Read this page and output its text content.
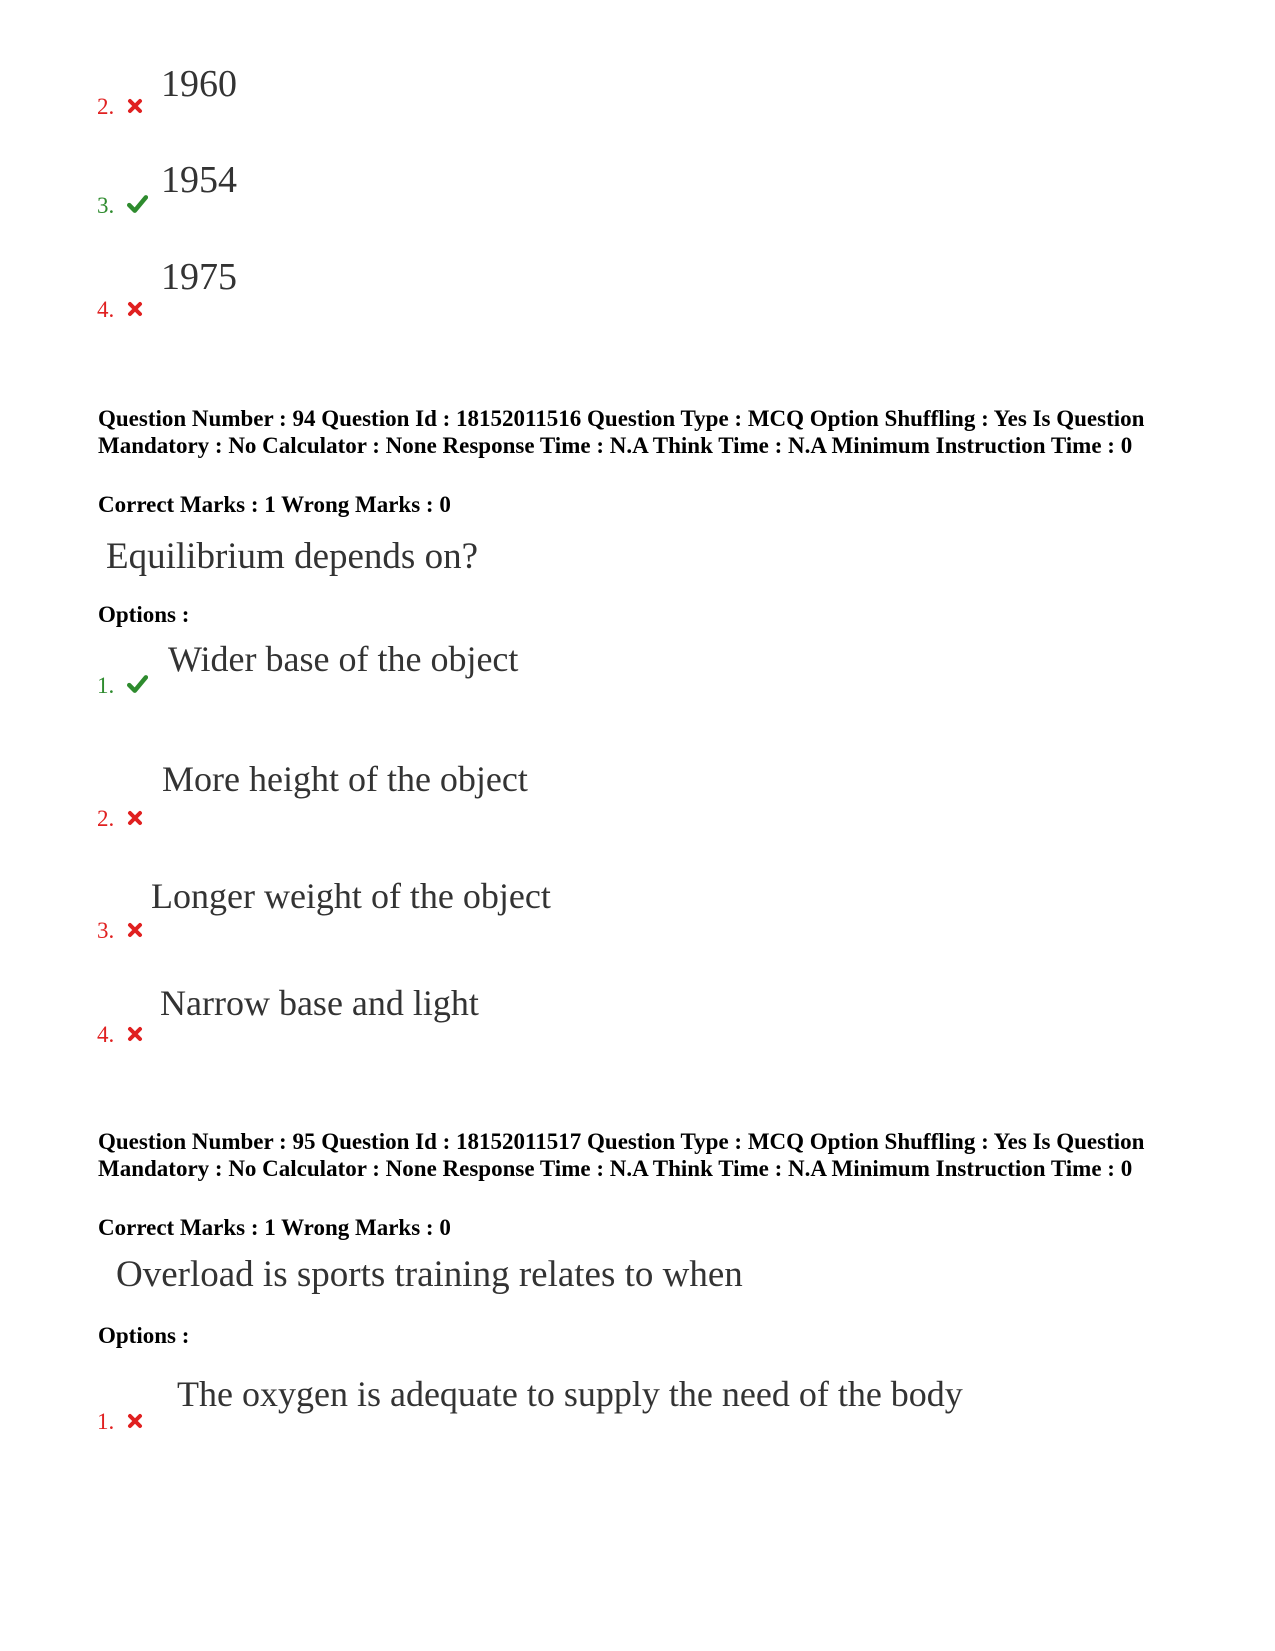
2.
1960
3.
1954
4.
1975
Question Number : 94 Question Id : 18152011516 Question Type : MCQ Option Shuffling : Yes Is Question Mandatory : No Calculator : None Response Time : N.A Think Time : N.A Minimum Instruction Time : 0
Correct Marks : 1 Wrong Marks : 0
Equilibrium depends on?
Options :
1.
Wider base of the object
2.
More height of the object
3.
Longer weight of the object
4.
Narrow base and light
Question Number : 95 Question Id : 18152011517 Question Type : MCQ Option Shuffling : Yes Is Question Mandatory : No Calculator : None Response Time : N.A Think Time : N.A Minimum Instruction Time : 0
Correct Marks : 1 Wrong Marks : 0
Overload is sports training relates to when
Options :
1.
The oxygen is adequate to supply the need of the body
